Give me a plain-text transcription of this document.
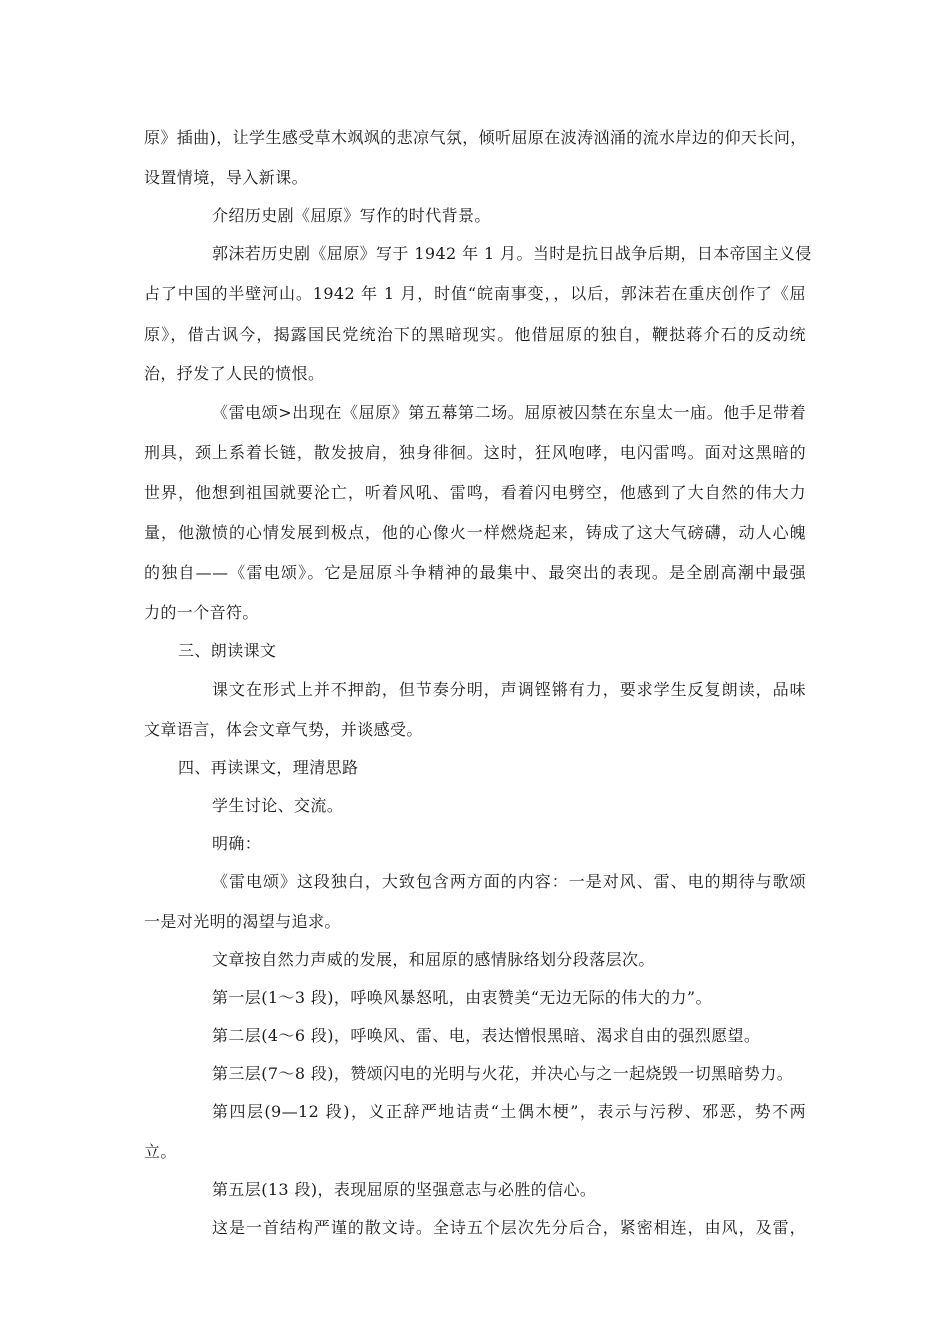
原》插曲)，让学生感受草木飒飒的悲凉气氛，倾听屈原在波涛汹涌的流水岸边的仰天长问，
设置情境，导入新课。
介绍历史剧《屈原》写作的时代背景。
郭沫若历史剧《屈原》写于 1942 年 1 月。当时是抗日战争后期，日本帝国主义侵
占了中国的半壁河山。1942 年 1 月，时值“皖南事变，，以后，郭沫若在重庆创作了《屈
原》，借古讽今，揭露国民党统治下的黑暗现实。他借屈原的独自，鞭挞蒋介石的反动统
治，抒发了人民的愤恨。
《雷电颂>出现在《屈原》第五幕第二场。屈原被囚禁在东皇太一庙。他手足带着
刑具，颈上系着长链，散发披肩，独身徘徊。这时，狂风咆哮，电闪雷鸣。面对这黑暗的
世界，他想到祖国就要沦亡，听着风吼、雷鸣，看着闪电劈空，他感到了大自然的伟大力
量，他激愤的心情发展到极点，他的心像火一样燃烧起来，铸成了这大气磅礴，动人心魄
的独自——《雷电颂》。它是屈原斗争精神的最集中、最突出的表现。是全剧高潮中最强
力的一个音符。
三、朗读课文
课文在形式上并不押韵，但节奏分明，声调铿锵有力，要求学生反复朗读，品味
文章语言，体会文章气势，并谈感受。
四、再读课文，理清思路
学生讨论、交流。
明确：
《雷电颂》这段独白，大致包含两方面的内容：一是对风、雷、电的期待与歌颂
一是对光明的渴望与追求。
文章按自然力声威的发展，和屈原的感情脉络划分段落层次。
第一层(1～3 段)，呼唤风暴怒吼，由衷赞美“无边无际的伟大的力”。
第二层(4～6 段)，呼唤风、雷、电，表达憎恨黑暗、渴求自由的强烈愿望。
第三层(7～8 段)，赞颂闪电的光明与火花，并决心与之一起烧毁一切黑暗势力。
第四层(9—12 段)，义正辞严地诘责“土偶木梗”，表示与污秽、邪恶，势不两
立。
第五层(13 段)，表现屈原的坚强意志与必胜的信心。
这是一首结构严谨的散文诗。全诗五个层次先分后合，紧密相连，由风，及雷，
